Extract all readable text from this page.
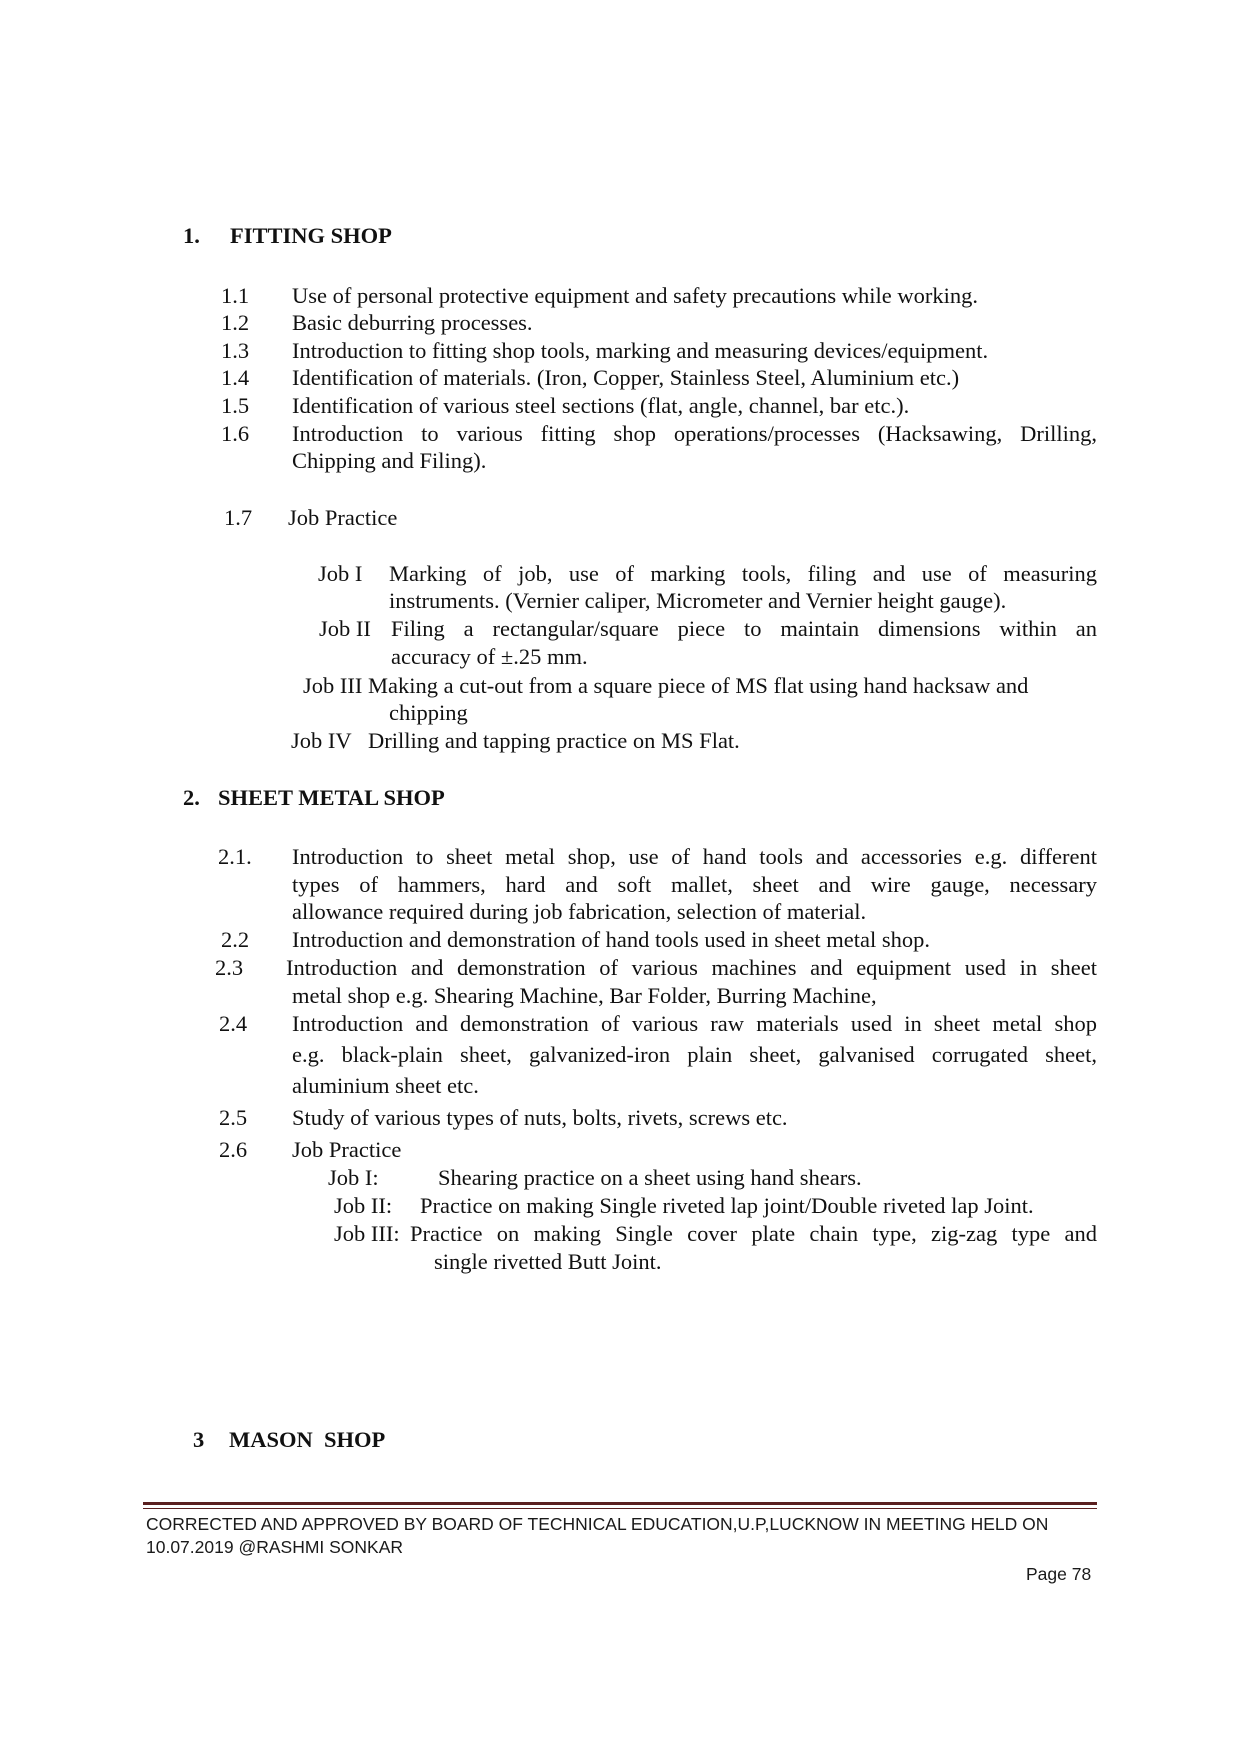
1. FITTING SHOP
1.1 Use of personal protective equipment and safety precautions while working.
1.2 Basic deburring processes.
1.3 Introduction to fitting shop tools, marking and measuring devices/equipment.
1.4 Identification of materials. (Iron, Copper, Stainless Steel, Aluminium etc.)
1.5 Identification of various steel sections (flat, angle, channel, bar etc.).
1.6 Introduction to various fitting shop operations/processes (Hacksawing, Drilling,
Chipping and Filing).
1.7 Job Practice
Job I Marking of job, use of marking tools, filing and use of measuring
instruments. (Vernier caliper, Micrometer and Vernier height gauge).
Job II Filing a rectangular/square piece to maintain dimensions within an
accuracy of ±.25 mm.
Job III Making a cut-out from a square piece of MS flat using hand hacksaw and
chipping
Job IV Drilling and tapping practice on MS Flat.
2. SHEET METAL SHOP
2.1. Introduction to sheet metal shop, use of hand tools and accessories e.g. different
types of hammers, hard and soft mallet, sheet and wire gauge, necessary
allowance required during job fabrication, selection of material.
2.2 Introduction and demonstration of hand tools used in sheet metal shop.
2.3 Introduction and demonstration of various machines and equipment used in sheet
metal shop e.g. Shearing Machine, Bar Folder, Burring Machine,
2.4 Introduction and demonstration of various raw materials used in sheet metal shop
e.g. black-plain sheet, galvanized-iron plain sheet, galvanised corrugated sheet,
aluminium sheet etc.
2.5 Study of various types of nuts, bolts, rivets, screws etc.
2.6 Job Practice
Job I:	Shearing practice on a sheet using hand shears.
Job II: Practice on making Single riveted lap joint/Double riveted lap Joint.
Job III: Practice on making Single cover plate chain type, zig-zag type and
single rivetted Butt Joint.
3 MASON  SHOP
CORRECTED AND APPROVED BY BOARD OF TECHNICAL EDUCATION,U.P,LUCKNOW IN MEETING HELD ON
10.07.2019 @RASHMI SONKAR
Page 78
